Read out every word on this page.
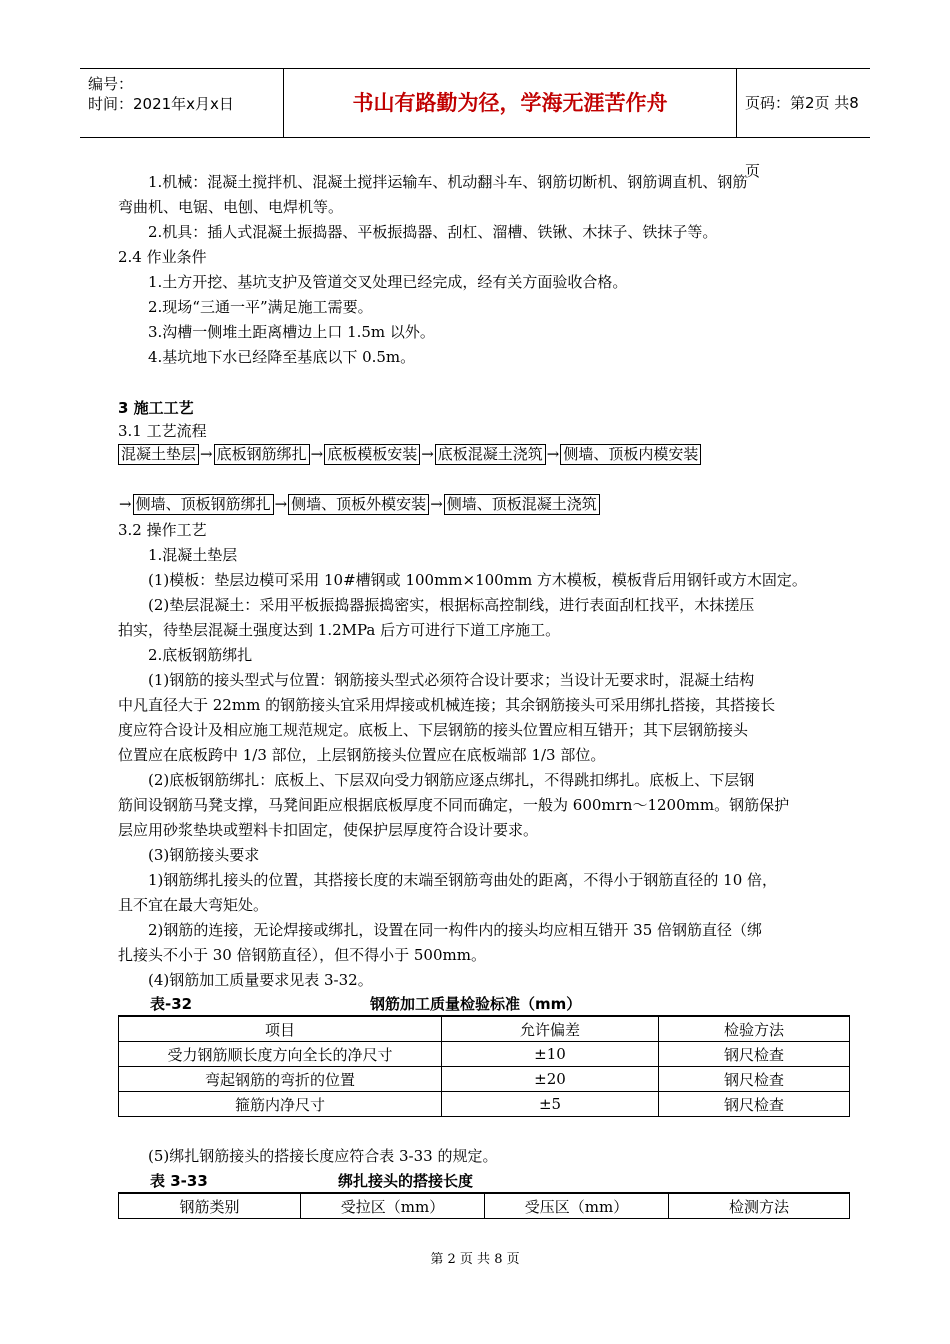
编号：
时间：2021年x月x日	书山有路勤为径，学海无涯苦作舟	页码：第2页 共8页
1.机械：混凝土搅拌机、混凝土搅拌运输车、机动翻斗车、钢筋切断机、钢筋调直机、钢筋
弯曲机、电锯、电刨、电焊机等。
2.机具：插人式混凝土振捣器、平板振捣器、刮杠、溜槽、铁锹、木抹子、铁抹子等。
2.4 作业条件
1.土方开挖、基坑支护及管道交叉处理已经完成，经有关方面验收合格。
2.现场“三通一平”满足施工需要。
3.沟槽一侧堆土距离槽边上口 1.5m 以外。
4.基坑地下水已经降至基底以下 0.5m。
3 施工工艺
3.1 工艺流程
混凝土垫层 → 底板钢筋绑扎 → 底板模板安装 → 底板混凝土浇筑 → 侧墙、顶板内模安装
→ 侧墙、顶板钢筋绑扎 → 侧墙、顶板外模安装 → 侧墙、顶板混凝土浇筑
3.2 操作工艺
1.混凝土垫层
(1)模板：垫层边模可采用 10#槽钢或 100mm×100mm 方木模板，模板背后用钢钎或方木固定。
(2)垫层混凝土：采用平板振捣器振捣密实，根据标高控制线，进行表面刮杠找平，木抹搓压
拍实，待垫层混凝土强度达到 1.2MPa 后方可进行下道工序施工。
2.底板钢筋绑扎
(1)钢筋的接头型式与位置：钢筋接头型式必须符合设计要求；当设计无要求时，混凝土结构
中凡直径大于 22mm 的钢筋接头宜采用焊接或机械连接；其余钢筋接头可采用绑扎搭接，其搭接长
度应符合设计及相应施工规范规定。底板上、下层钢筋的接头位置应相互错开；其下层钢筋接头
位置应在底板跨中 1/3 部位，上层钢筋接头位置应在底板端部 1/3 部位。
(2)底板钢筋绑扎：底板上、下层双向受力钢筋应逐点绑扎，不得跳扣绑扎。底板上、下层钢
筋间设钢筋马凳支撑，马凳间距应根据底板厚度不同而确定，一般为 600mrn～1200mm。钢筋保护
层应用砂浆垫块或塑料卡扣固定，使保护层厚度符合设计要求。
(3)钢筋接头要求
1)钢筋绑扎接头的位置，其搭接长度的末端至钢筋弯曲处的距离，不得小于钢筋直径的 10 倍，
且不宜在最大弯矩处。
2)钢筋的连接，无论焊接或绑扎，设置在同一构件内的接头均应相互错开 35 倍钢筋直径（绑
扎接头不小于 30 倍钢筋直径），但不得小于 500mm。
(4)钢筋加工质量要求见表 3-32。
表-32	钢筋加工质量检验标准（mm）
项目	允许偏差	检验方法
受力钢筋顺长度方向全长的净尺寸	±10	钢尺检查
弯起钢筋的弯折的位置	±20	钢尺检查
箍筋内净尺寸	±5	钢尺检查
(5)绑扎钢筋接头的搭接长度应符合表 3-33 的规定。
表 3-33	绑扎接头的搭接长度
钢筋类别	受拉区（mm）	受压区（mm）	检测方法
第 2 页 共 8 页
